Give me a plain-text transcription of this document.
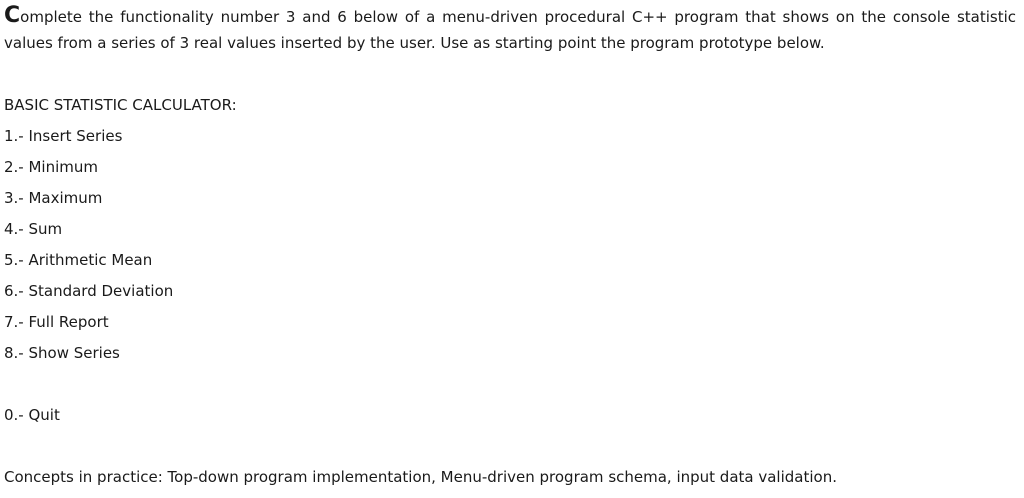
Complete the functionality number 3 and 6 below of a menu-driven procedural C++ program that shows on the console statistic values from a series of 3 real values inserted by the user. Use as starting point the program prototype below.

BASIC STATISTIC CALCULATOR:

1.- Insert Series

2.- Minimum

3.- Maximum

4.- Sum

5.- Arithmetic Mean

6.- Standard Deviation

7.- Full Report

8.- Show Series

0.- Quit

Concepts in practice: Top-down program implementation, Menu-driven program schema, input data validation.
